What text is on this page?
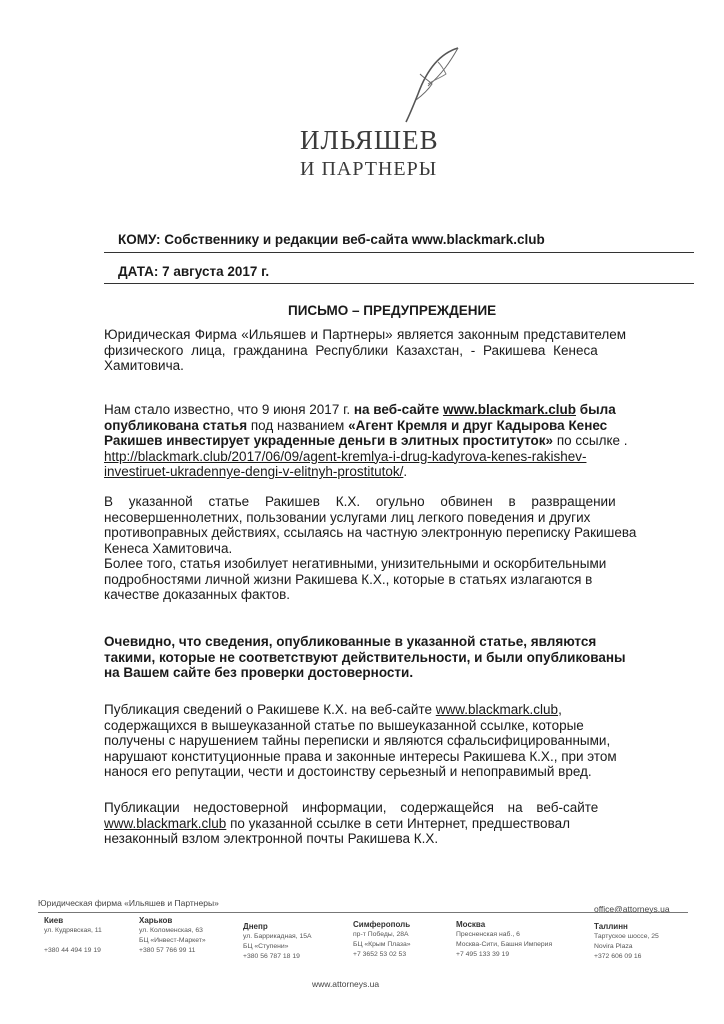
ИЛЬЯШЕВ
И ПАРТНЕРЫ
КОМУ: Собственнику и редакции веб-сайта www.blackmark.club
ДАТА: 7 августа 2017 г.
ПИСЬМО – ПРЕДУПРЕЖДЕНИЕ
Юридическая Фирма «Ильяшев и Партнеры» является законным представителем
физического лица, гражданина Республики Казахстан, - Ракишева Кенеса
Хамитовича.
Нам стало известно, что 9 июня 2017 г. на веб-сайте www.blackmark.club была
опубликована статья под названием «Агент Кремля и друг Кадырова Кенес
Ракишев инвестирует украденные деньги в элитных проституток» по ссылке .
http://blackmark.club/2017/06/09/agent-kremlya-i-drug-kadyrova-kenes-rakishev-
investiruet-ukradennye-dengi-v-elitnyh-prostitutok/.
В указанной статье Ракишев К.Х. огульно обвинен в развращении
несовершеннолетних, пользовании услугами лиц легкого поведения и других
противоправных действиях, ссылаясь на частную электронную переписку Ракишева
Кенеса Хамитовича.
Более того, статья изобилует негативными, унизительными и оскорбительными
подробностями личной жизни Ракишева К.Х., которые в статьях излагаются в
качестве доказанных фактов.
Очевидно, что сведения, опубликованные в указанной статье, являются
такими, которые не соответствуют действительности, и были опубликованы
на Вашем сайте без проверки достоверности.
Публикация сведений о Ракишеве К.Х. на веб-сайте www.blackmark.club,
содержащихся в вышеуказанной статье по вышеуказанной ссылке, которые
получены с нарушением тайны переписки и являются сфальсифицированными,
нарушают конституционные права и законные интересы Ракишева К.Х., при этом
нанося его репутации, чести и достоинству серьезный и непоправимый вред.
Публикации недостоверной информации, содержащейся на веб-сайте
www.blackmark.club по указанной ссылке в сети Интернет, предшествовал
незаконный взлом электронной почты Ракишева К.Х.
Юридическая фирма «Ильяшев и Партнеры»
office@attorneys.ua
Киев
ул. Кудрявская, 11
+380 44 494 19 19
Харьков
ул. Коломенская, 63
БЦ «Инвест-Маркет»
+380 57 766 99 11
Днепр
ул. Баррикадная, 15А
БЦ «Ступени»
+380 56 787 18 19
Симферополь
пр-т Победы, 28А
БЦ «Крым Плаза»
+7 3652 53 02 53
Москва
Пресненская наб., 6
Москва-Сити, Башня Империя
+7 495 133 39 19
Таллинн
Тартуское шоссе, 25
Novira Plaza
+372 606 09 16
www.attorneys.ua
